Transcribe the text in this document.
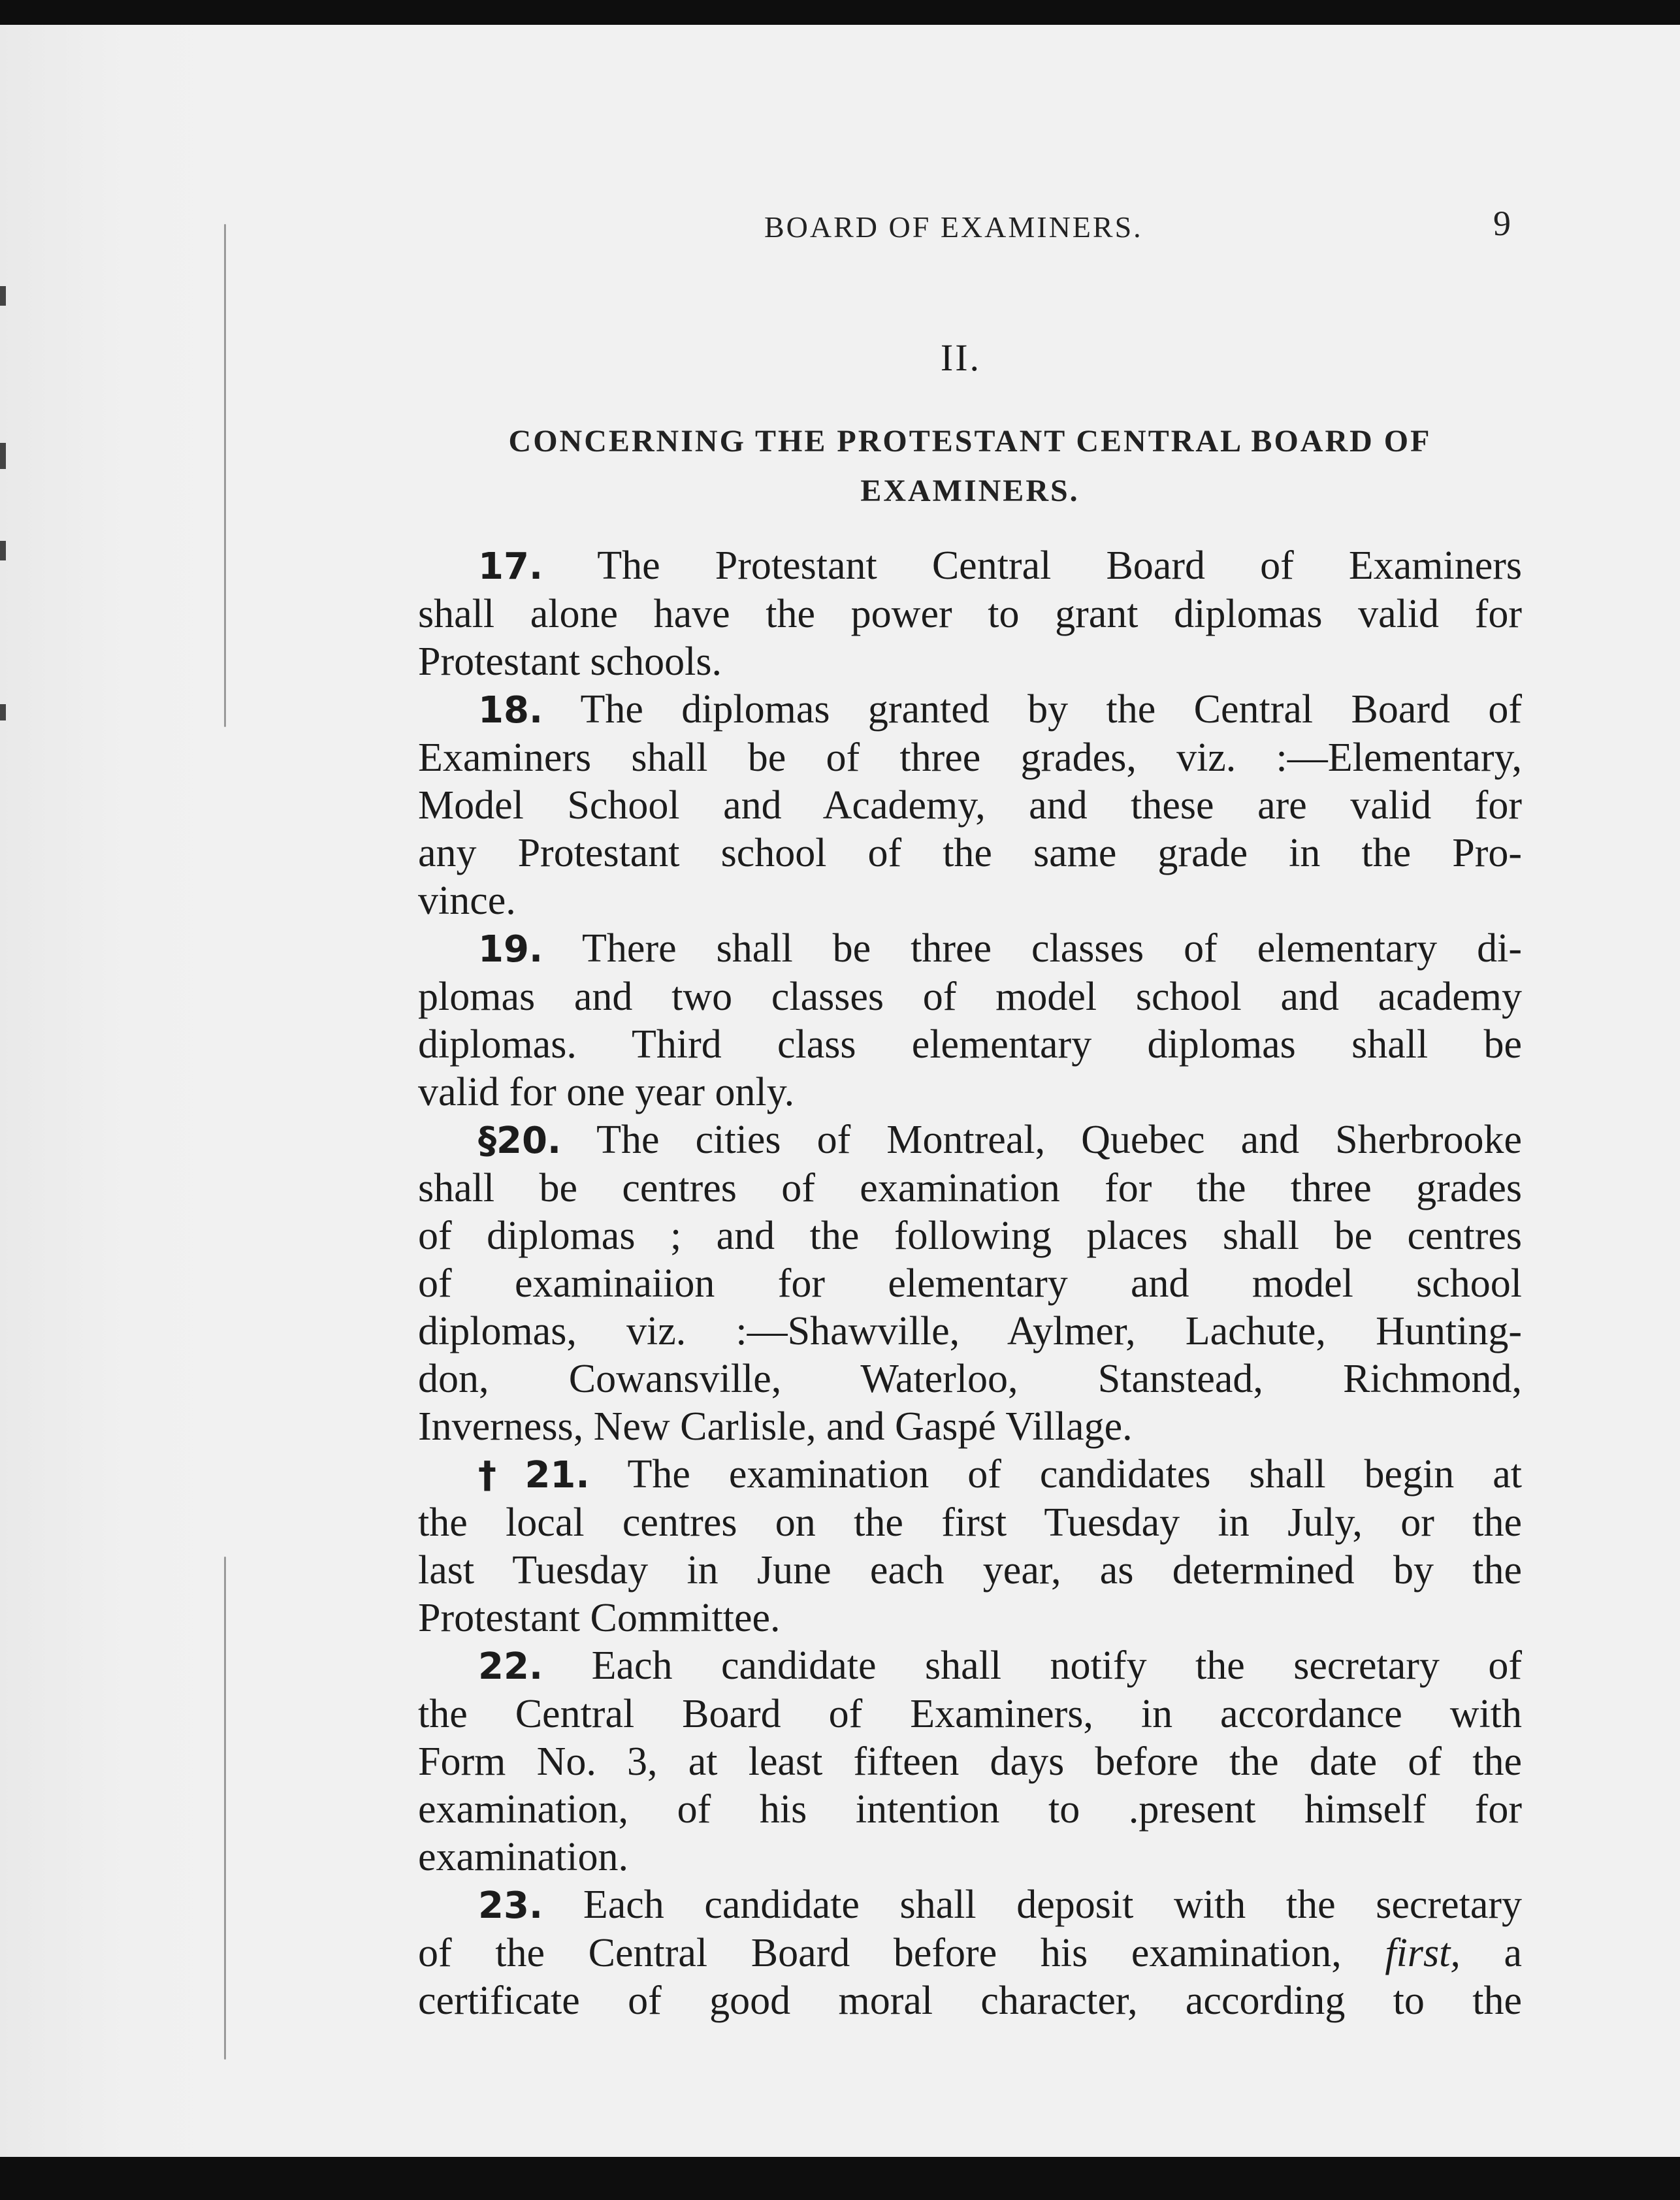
BOARD OF EXAMINERS.	9
II.
CONCERNING THE PROTESTANT CENTRAL BOARD OF
EXAMINERS.
17. The Protestant Central Board of Examiners
shall alone have the power to grant diplomas valid for
Protestant schools.
18. The diplomas granted by the Central Board of
Examiners shall be of three grades, viz. :—Elementary,
Model School and Academy, and these are valid for
any Protestant school of the same grade in the Pro-
vince.
19. There shall be three classes of elementary di-
plomas and two classes of model school and academy
diplomas. Third class elementary diplomas shall be
valid for one year only.
§20. The cities of Montreal, Quebec and Sherbrooke
shall be centres of examination for the three grades
of diplomas ; and the following places shall be centres
of examinaiion for elementary and model school
diplomas, viz. :—Shawville, Aylmer, Lachute, Hunting-
don, Cowansville, Waterloo, Stanstead, Richmond,
Inverness, New Carlisle, and Gaspé Village.
†21. The examination of candidates shall begin at
the local centres on the first Tuesday in July, or the
last Tuesday in June each year, as determined by the
Protestant Committee.
22. Each candidate shall notify the secretary of
the Central Board of Examiners, in accordance with
Form No. 3, at least fifteen days before the date of the
examination, of his intention to .present himself for
examination.
23. Each candidate shall deposit with the secretary
of the Central Board before his examination, first, a
certificate of good moral character, according to the
